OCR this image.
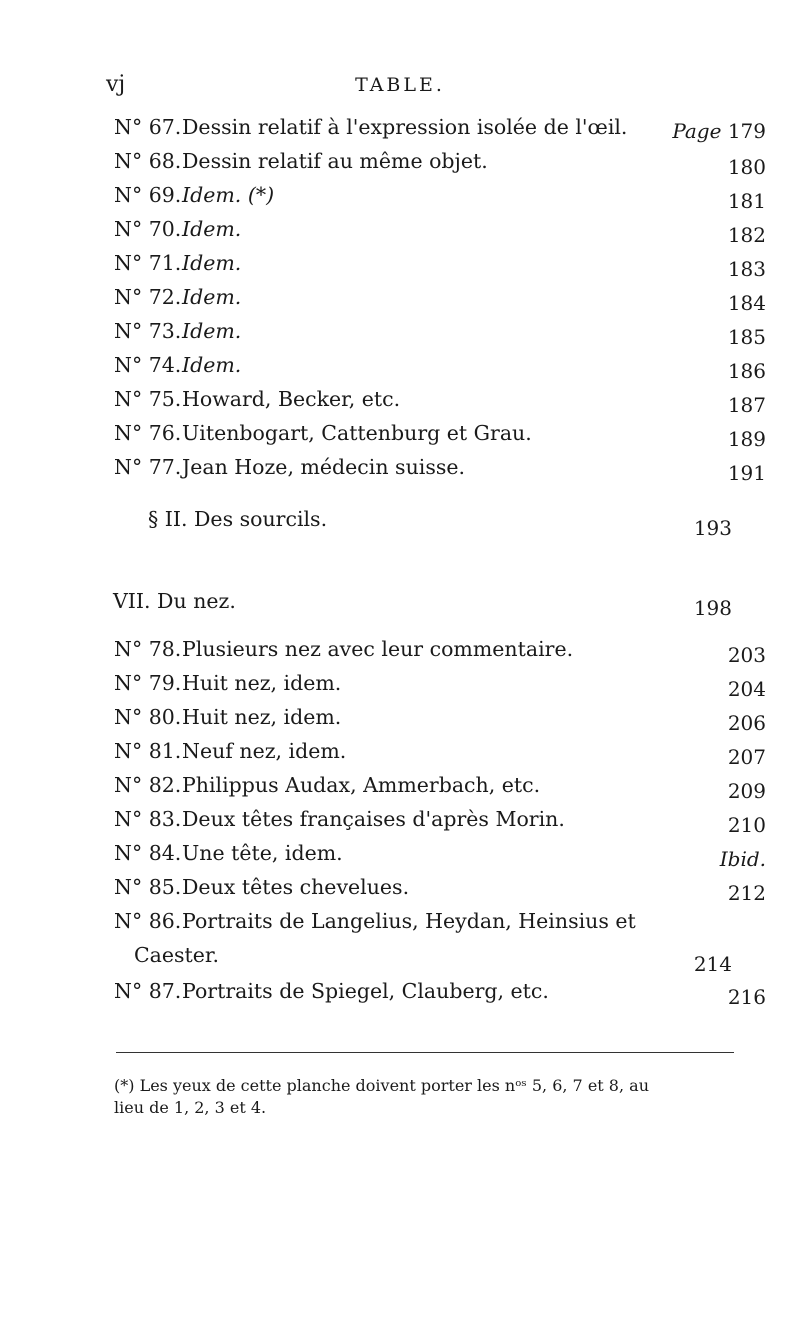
vj	TABLE.
N° 67.Dessin relatif à l'expression isolée de l'œil. Page 179
N° 68.Dessin relatif au même objet.	180
N° 69.Idem. (*)	181
N° 70.Idem.	182
N° 71.Idem.	183
N° 72.Idem.	184
N° 73.Idem.	185
N° 74.Idem.	186
N° 75.Howard, Becker, etc.	187
N° 76.Uitenbogart, Cattenburg et Grau.	189
N° 77.Jean Hoze, médecin suisse.	191
§ II. Des sourcils.	193
VII. Du nez.	198
N° 78.Plusieurs nez avec leur commentaire.	203
N° 79.Huit nez, idem.	204
N° 80.Huit nez, idem.	206
N° 81.Neuf nez, idem.	207
N° 82.Philippus Audax, Ammerbach, etc.	209
N° 83.Deux têtes françaises d'après Morin.	210
N° 84.Une tête, idem.	Ibid.
N° 85.Deux têtes chevelues.	212
N° 86.Portraits de Langelius, Heydan, Heinsius et
Caester.	214
N° 87.Portraits de Spiegel, Clauberg, etc.	216
(*) Les yeux de cette planche doivent porter les nᵒˢ 5, 6, 7 et 8, au
lieu de 1, 2, 3 et 4.
